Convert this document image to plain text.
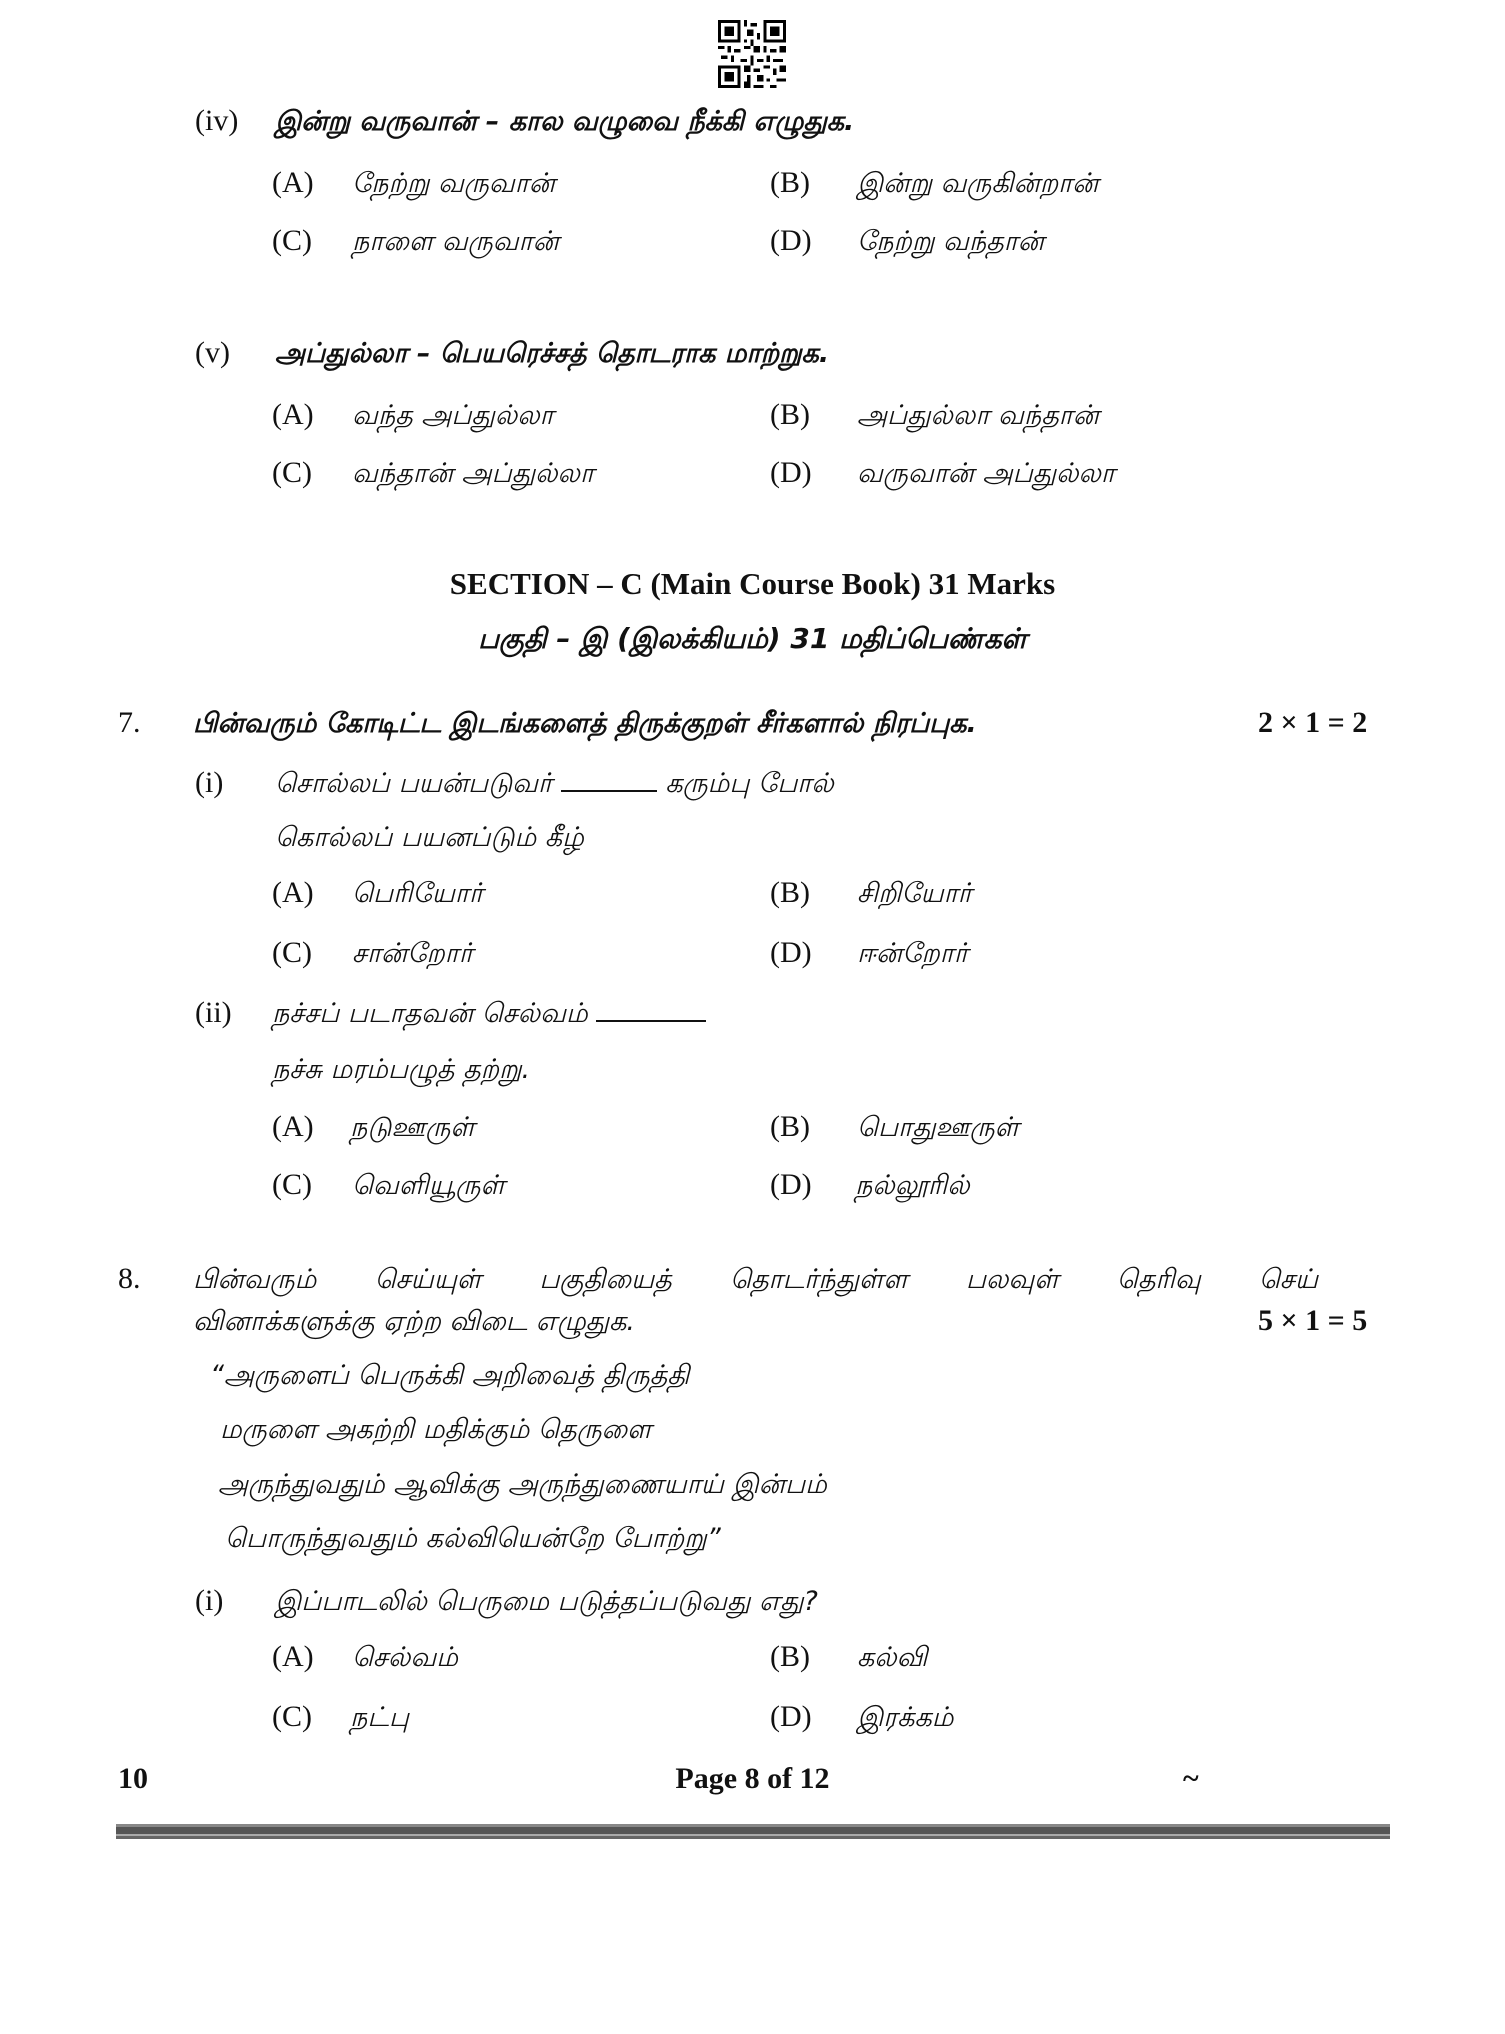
(iv) இன்று வருவான் – கால வழுவை நீக்கி எழுதுக.
(A) நேற்று வருவான்	(B) இன்று வருகின்றான்
(C) நாளை வருவான்	(D) நேற்று வந்தான்
(v) அப்துல்லா – பெயரெச்சத் தொடராக மாற்றுக.
(A) வந்த அப்துல்லா	(B) அப்துல்லா வந்தான்
(C) வந்தான் அப்துல்லா	(D) வருவான் அப்துல்லா
SECTION – C (Main Course Book) 31 Marks
பகுதி – இ (இலக்கியம்) 31 மதிப்பெண்கள்
7. பின்வரும் கோடிட்ட இடங்களைத் திருக்குறள் சீர்களால் நிரப்புக.	2 × 1 = 2
(i) சொல்லப் பயன்படுவர்	கரும்பு போல்
கொல்லப் பயனப்டும் கீழ்
(A) பெரியோர்	(B) சிறியோர்
(C) சான்றோர்	(D) ஈன்றோர்
(ii) நச்சப் படாதவன் செல்வம்
நச்சு மரம்பழுத் தற்று.
(A) நடுஊருள்	(B) பொதுஊருள்
(C) வெளியூருள்	(D) நல்லூரில்
8. பின்வரும் செய்யுள் பகுதியைத் தொடர்ந்துள்ள பலவுள் தெரிவு செய்
வினாக்களுக்கு ஏற்ற விடை எழுதுக.	5 × 1 = 5
“அருளைப் பெருக்கி அறிவைத் திருத்தி
மருளை அகற்றி மதிக்கும் தெருளை
அருந்துவதும் ஆவிக்கு அருந்துணையாய் இன்பம்
பொருந்துவதும் கல்வியென்றே போற்று”
(i) இப்பாடலில் பெருமை படுத்தப்படுவது எது?
(A) செல்வம்	(B) கல்வி
(C) நட்பு	(D) இரக்கம்
10	Page 8 of 12	~
